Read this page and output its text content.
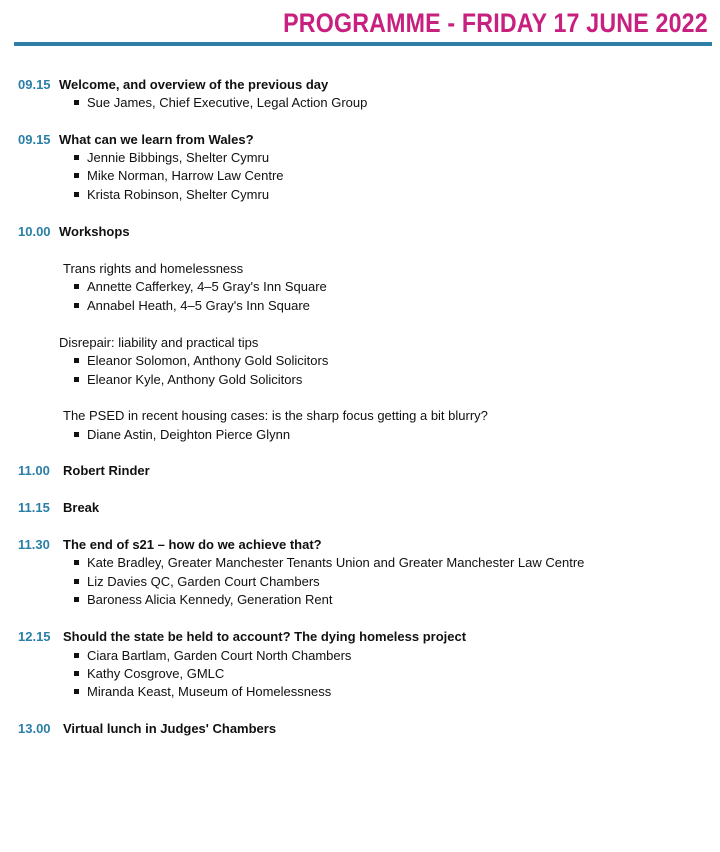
PROGRAMME - FRIDAY 17 JUNE 2022
09.15 Welcome, and overview of the previous day
Sue James, Chief Executive, Legal Action Group
09.15 What can we learn from Wales?
Jennie Bibbings, Shelter Cymru
Mike Norman, Harrow Law Centre
Krista Robinson, Shelter Cymru
10.00 Workshops
Trans rights and homelessness
Annette Cafferkey, 4–5 Gray's Inn Square
Annabel Heath, 4–5 Gray's Inn Square
Disrepair: liability and practical tips
Eleanor Solomon, Anthony Gold Solicitors
Eleanor Kyle, Anthony Gold Solicitors
The PSED in recent housing cases: is the sharp focus getting a bit blurry?
Diane Astin, Deighton Pierce Glynn
11.00 Robert Rinder
11.15 Break
11.30 The end of s21 – how do we achieve that?
Kate Bradley, Greater Manchester Tenants Union and Greater Manchester Law Centre
Liz Davies QC, Garden Court Chambers
Baroness Alicia Kennedy, Generation Rent
12.15 Should the state be held to account? The dying homeless project
Ciara Bartlam, Garden Court North Chambers
Kathy Cosgrove, GMLC
Miranda Keast, Museum of Homelessness
13.00 Virtual lunch in Judges' Chambers
